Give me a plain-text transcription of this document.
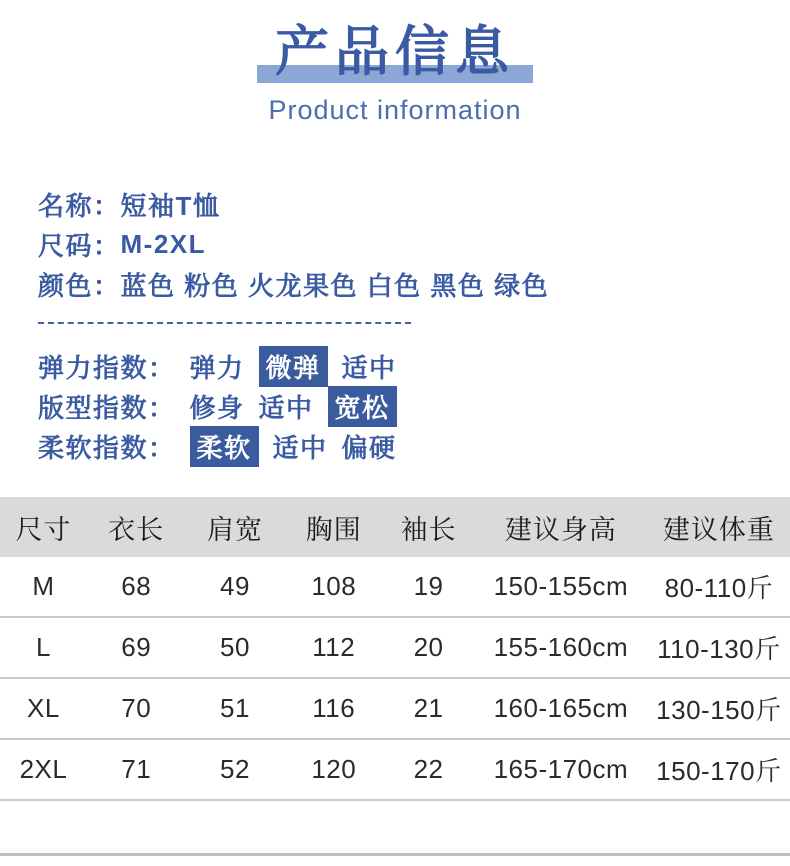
产品信息
Product information
名称： 短袖T恤
尺码： M-2XL
颜色： 蓝色 粉色 火龙果色 白色 黑色 绿色
弹力指数： 弹力 微弹 适中
版型指数： 修身 适中 宽松
柔软指数： 柔软 适中 偏硬
尺寸	衣长	肩宽	胸围	袖长	建议身高	建议体重
M	68	49	108	19	150-155cm	80-110斤
L	69	50	112	20	155-160cm	110-130斤
XL	70	51	116	21	160-165cm	130-150斤
2XL	71	52	120	22	165-170cm	150-170斤
